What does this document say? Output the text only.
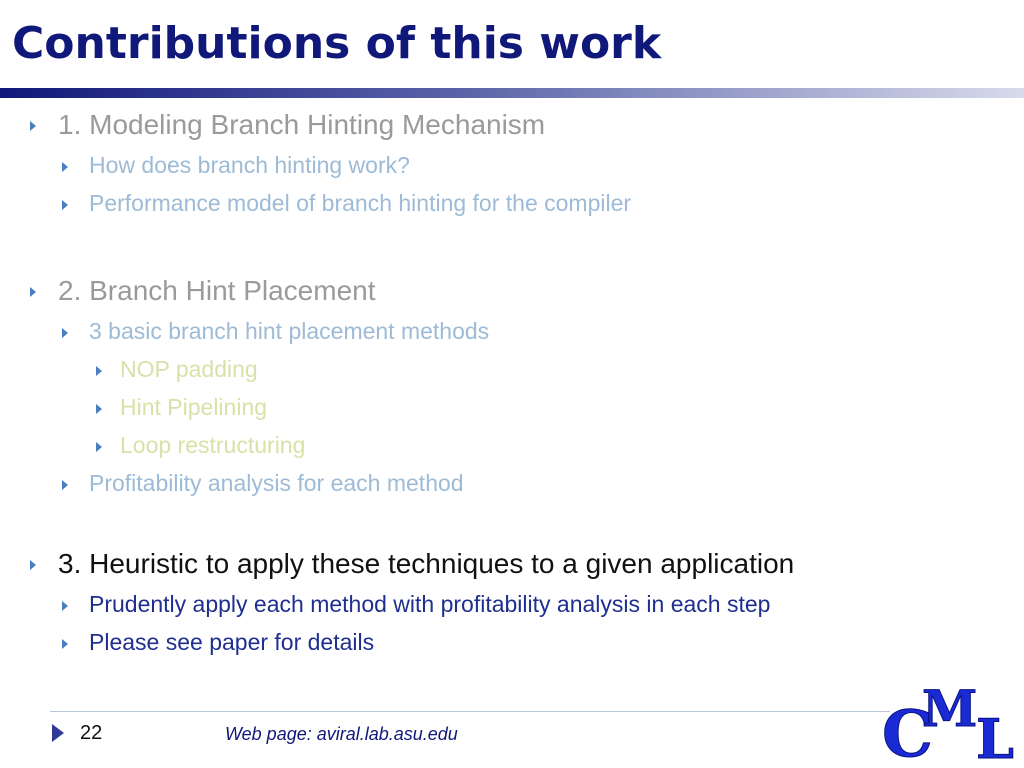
Contributions of this work
1. Modeling Branch Hinting Mechanism
How does branch hinting work?
Performance model of branch hinting for the compiler
2. Branch Hint Placement
3 basic branch hint placement methods
NOP padding
Hint Pipelining
Loop restructuring
Profitability analysis for each method
3. Heuristic to apply these techniques to a given application
Prudently apply each method with profitability analysis in each step
Please see paper for details
22	Web page: aviral.lab.asu.edu	C
M
L
